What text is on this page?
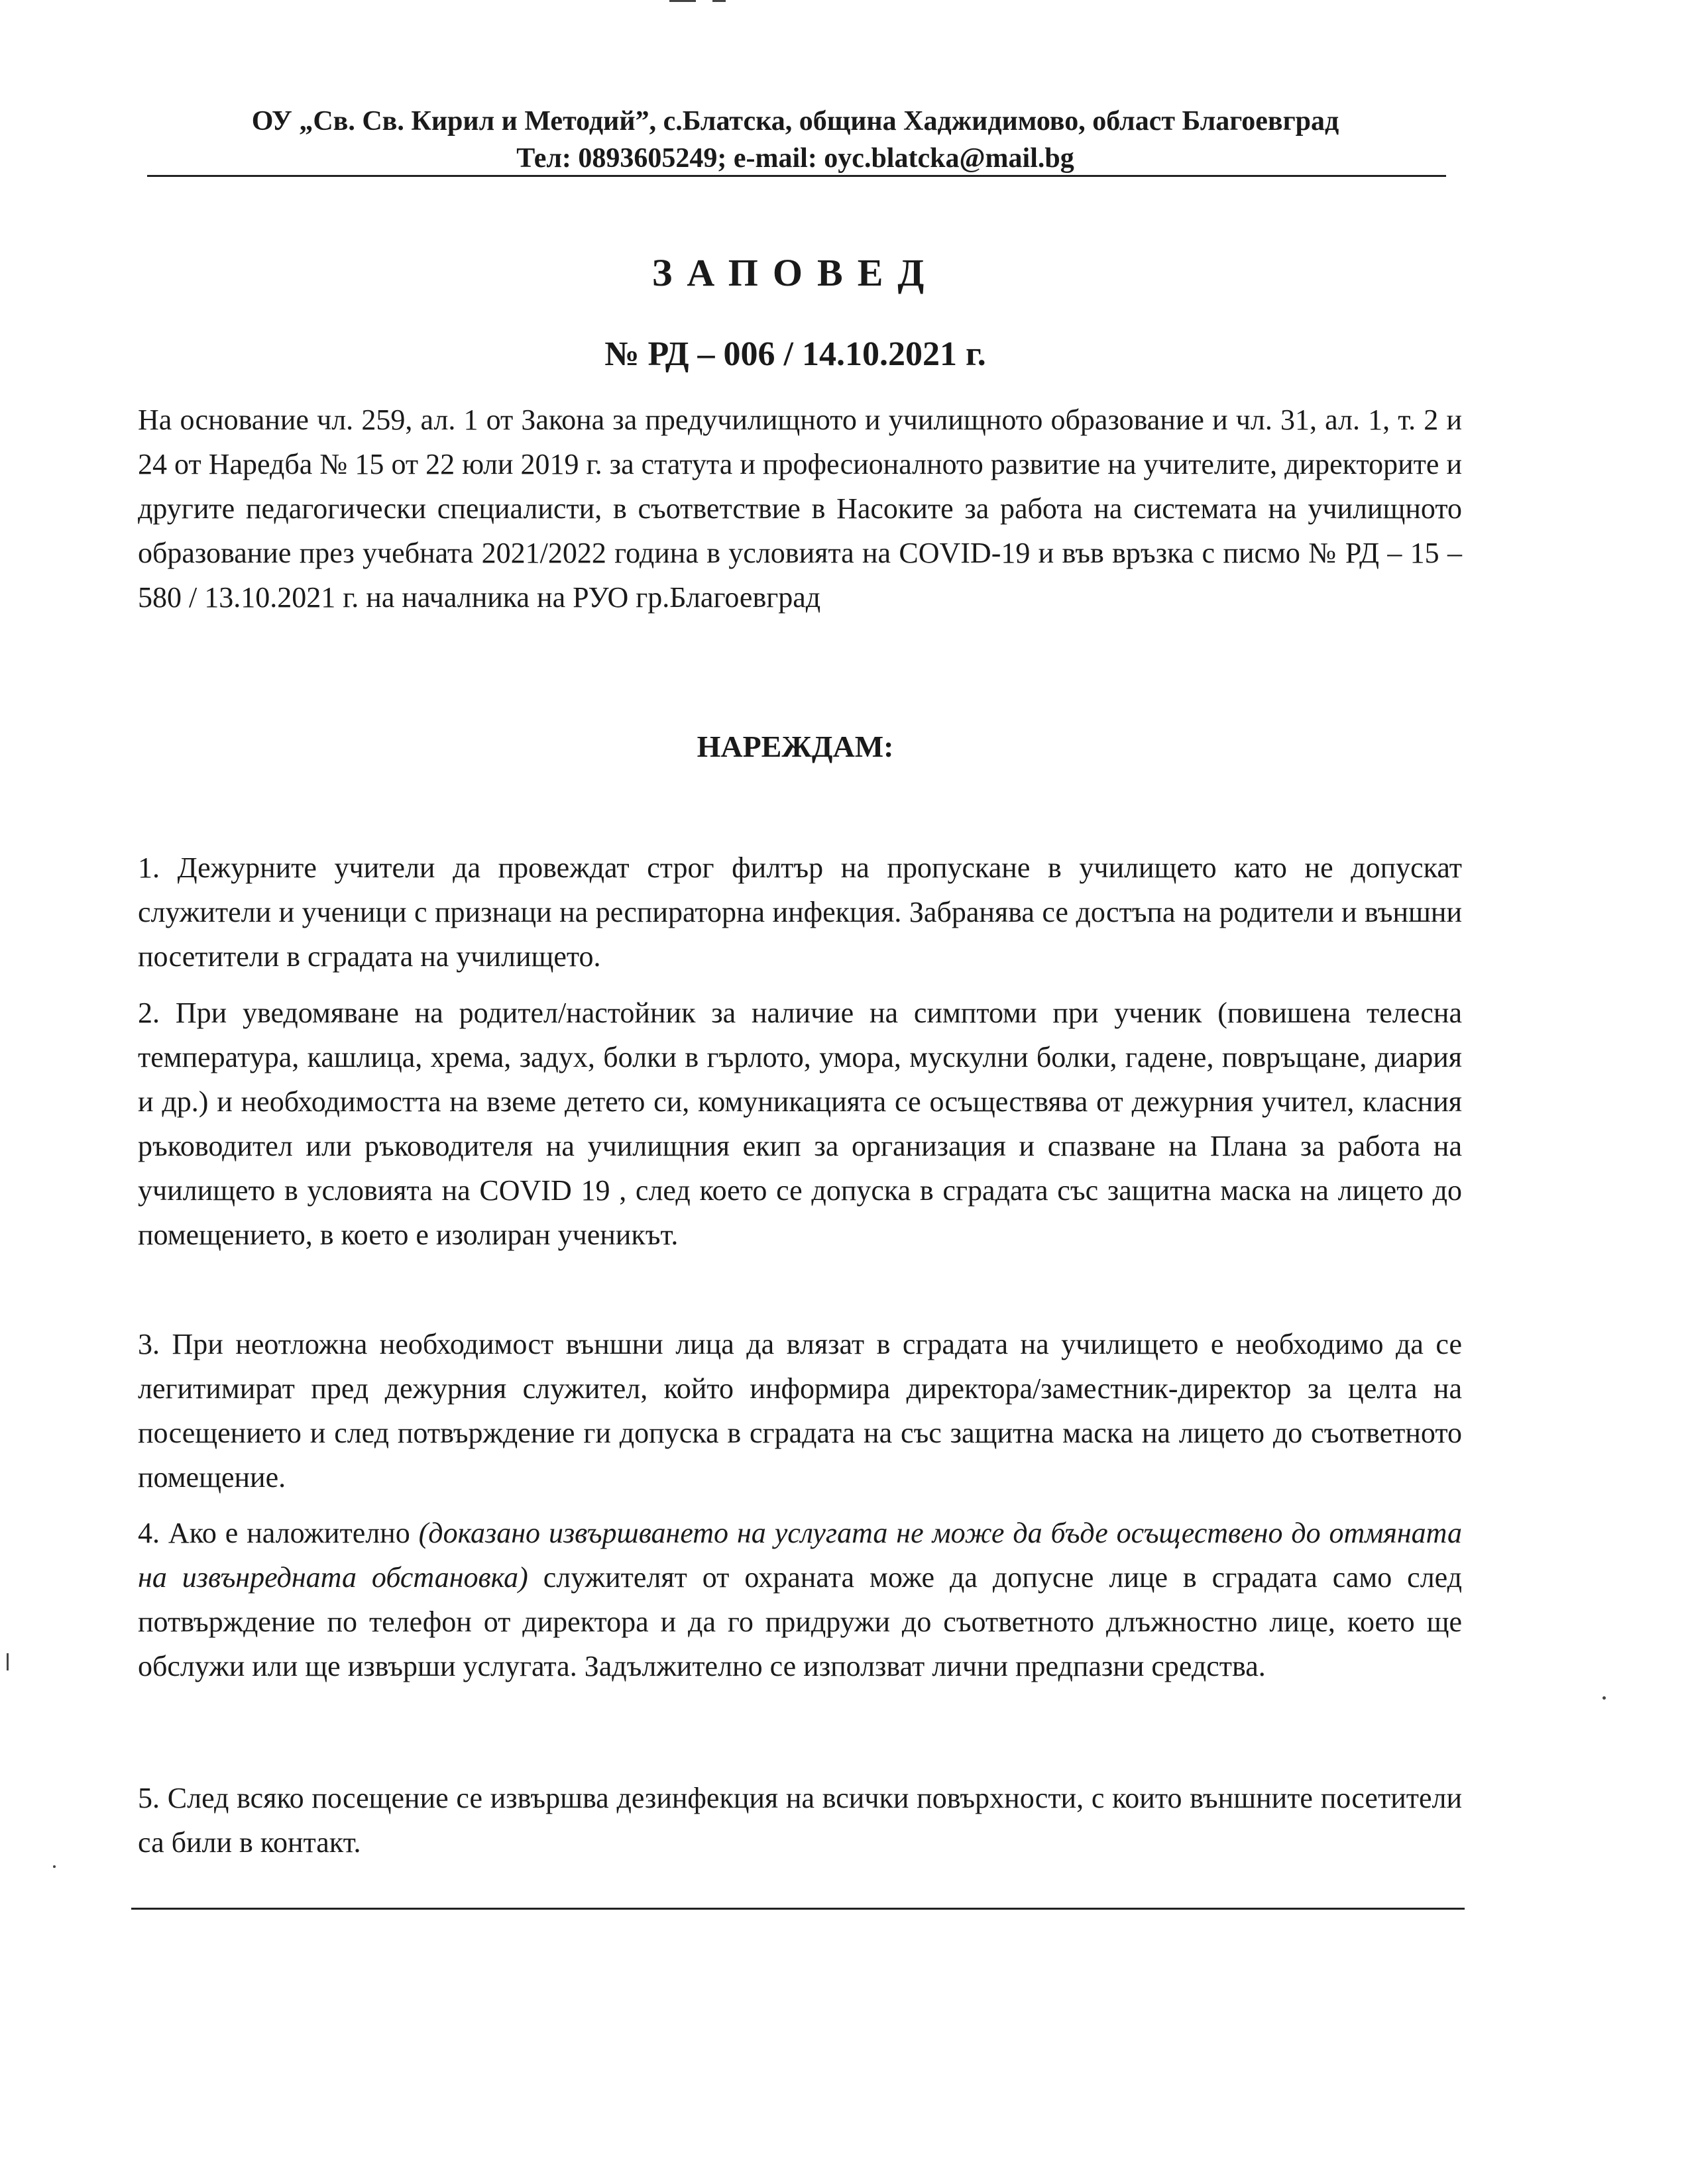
ОУ „Св. Св. Кирил и Методий”, с.Блатска, община Хаджидимово, област Благоевград
Тел: 0893605249; e-mail: oyc.blatcka@mail.bg
ЗАПОВЕД
№ РД – 006 / 14.10.2021 г.
На основание чл. 259, ал. 1 от Закона за предучилищното и училищното образование и чл. 31, ал. 1, т. 2 и 24 от Наредба № 15 от 22 юли 2019 г. за статута и професионалното развитие на учителите, директорите и другите педагогически специалисти, в съответствие в Насоките за работа на системата на училищното образование през учебната 2021/2022 година в условията на COVID-19 и във връзка с писмо № РД – 15 – 580 / 13.10.2021 г. на началника на РУО гр.Благоевград
НАРЕЖДАМ:
1. Дежурните учители да провеждат строг филтър на пропускане в училището като не допускат служители и ученици с признаци на респираторна инфекция. Забранява се достъпа на родители и външни посетители в сградата на училището.
2. При уведомяване на родител/настойник за наличие на симптоми при ученик (повишена телесна температура, кашлица, хрема, задух, болки в гърлото, умора, мускулни болки, гадене, повръщане, диария и др.) и необходимостта на вземе детето си, комуникацията се осъществява от дежурния учител, класния ръководител или ръководителя на училищния екип за организация и спазване на Плана за работа на училището в условията на COVID 19 , след което се допуска в сградата със защитна маска на лицето до помещението, в което е изолиран ученикът.
3. При неотложна необходимост външни лица да влязат в сградата на училището е необходимо да се легитимират пред дежурния служител, който информира директора/заместник-директор за целта на посещението и след потвърждение ги допуска в сградата на със защитна маска на лицето до съответното помещение.
4. Ако е наложително (доказано извършването на услугата не може да бъде осъществено до отмяната на извънредната обстановка) служителят от охраната може да допусне лице в сградата само след потвърждение по телефон от директора и да го придружи до съответното длъжностно лице, което ще обслужи или ще извърши услугата. Задължително се използват лични предпазни средства.
5. След всяко посещение се извършва дезинфекция на всички повърхности, с които външните посетители са били в контакт.
